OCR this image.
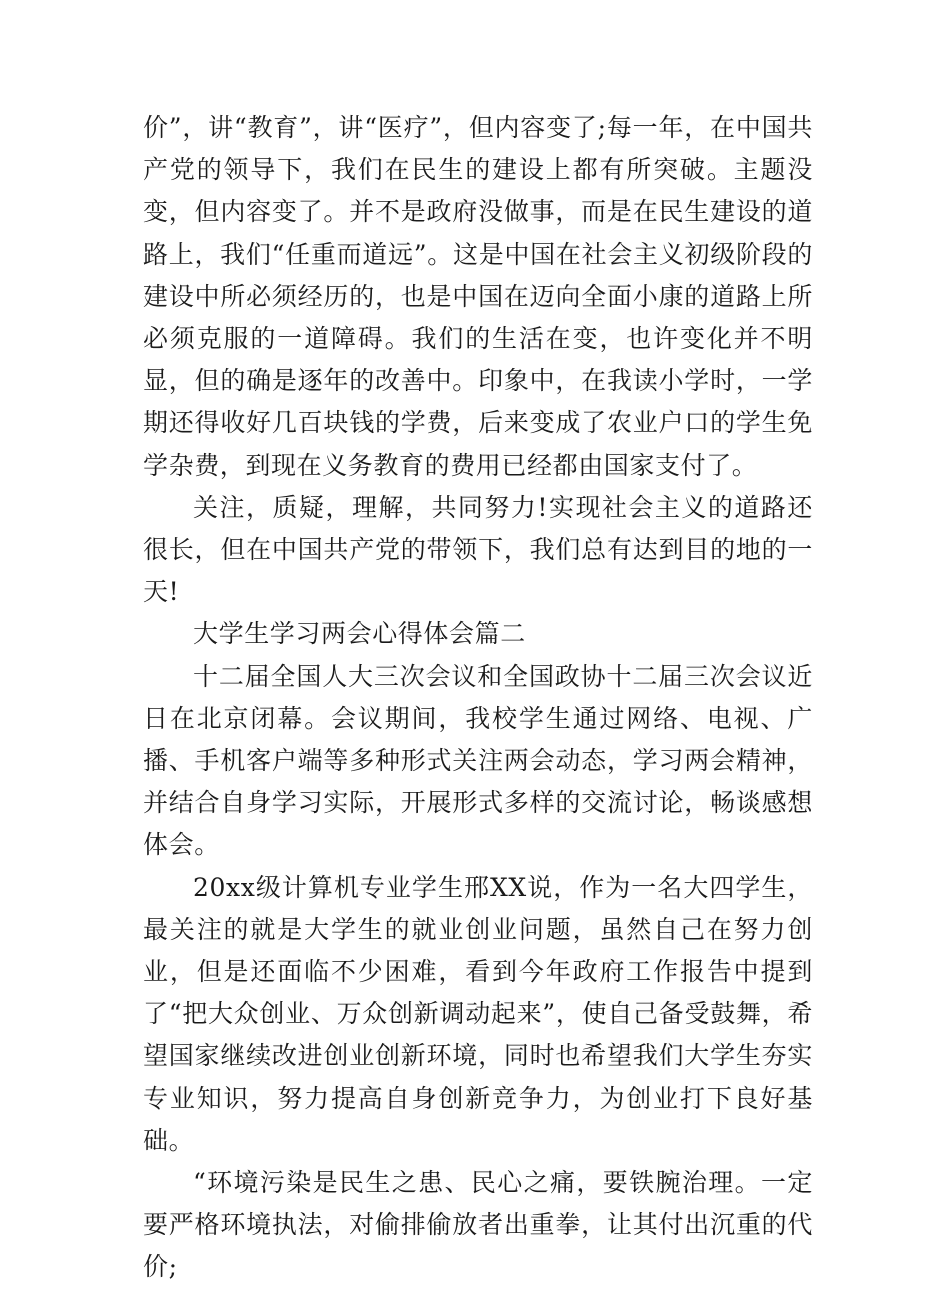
价”，讲“教育”，讲“医疗”，但内容变了;每一年，在中国共产党的领导下，我们在民生的建设上都有所突破。主题没变，但内容变了。并不是政府没做事，而是在民生建设的道路上，我们“任重而道远”。这是中国在社会主义初级阶段的建设中所必须经历的，也是中国在迈向全面小康的道路上所必须克服的一道障碍。我们的生活在变，也许变化并不明显，但的确是逐年的改善中。印象中，在我读小学时，一学期还得收好几百块钱的学费，后来变成了农业户口的学生免学杂费，到现在义务教育的费用已经都由国家支付了。

关注，质疑，理解，共同努力!实现社会主义的道路还很长，但在中国共产党的带领下，我们总有达到目的地的一天!

大学生学习两会心得体会篇二

十二届全国人大三次会议和全国政协十二届三次会议近日在北京闭幕。会议期间，我校学生通过网络、电视、广播、手机客户端等多种形式关注两会动态，学习两会精神，并结合自身学习实际，开展形式多样的交流讨论，畅谈感想体会。

20xx级计算机专业学生邢XX说，作为一名大四学生，最关注的就是大学生的就业创业问题，虽然自己在努力创业，但是还面临不少困难，看到今年政府工作报告中提到了“把大众创业、万众创新调动起来”，使自己备受鼓舞，希望国家继续改进创业创新环境，同时也希望我们大学生夯实专业知识，努力提高自身创新竞争力，为创业打下良好基础。

“环境污染是民生之患、民心之痛，要铁腕治理。一定要严格环境执法，对偷排偷放者出重拳，让其付出沉重的代价;
